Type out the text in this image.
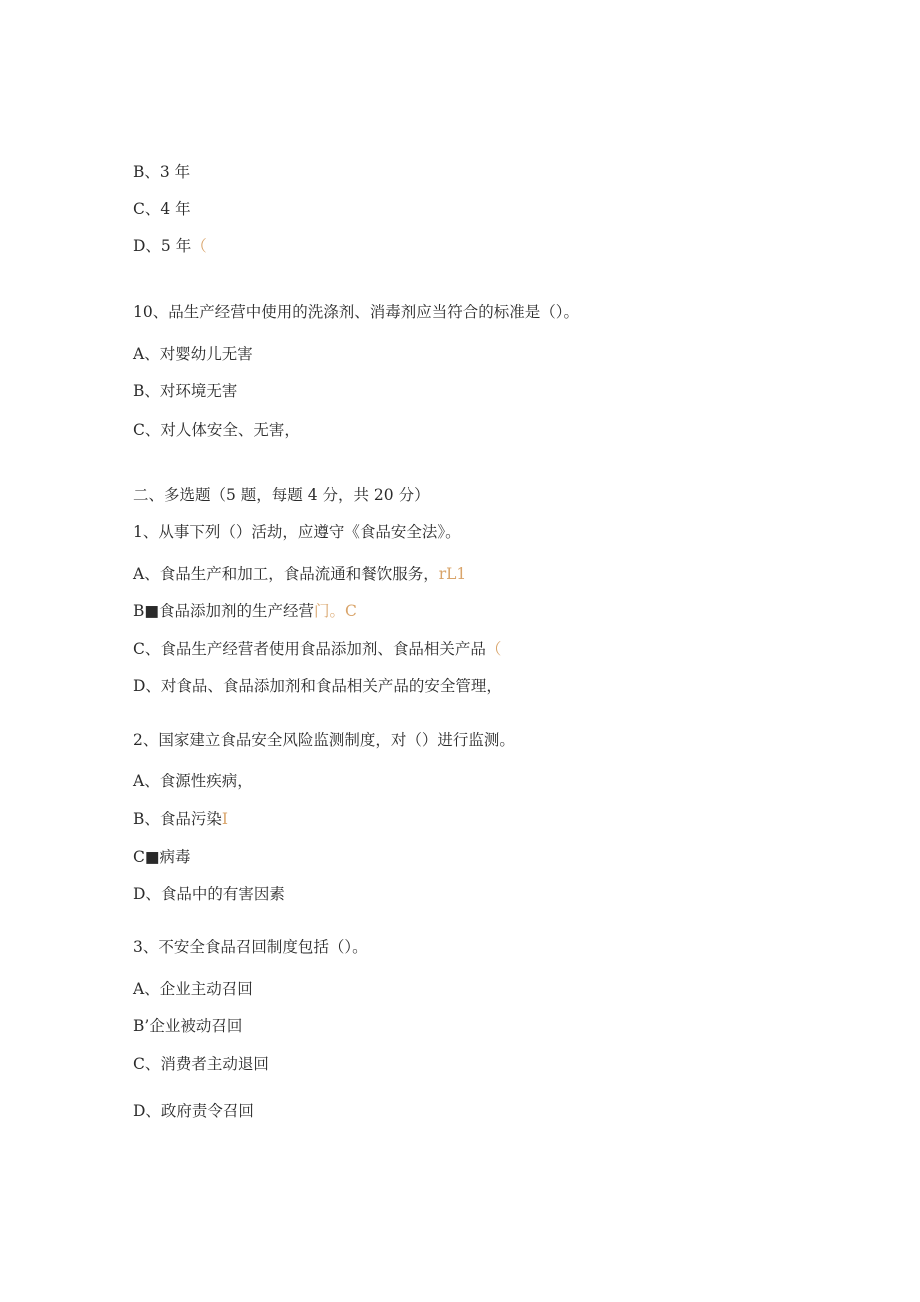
B、3 年
C、4 年
D、5 年（
10、品生产经营中使用的洗涤剂、消毒剂应当符合的标准是（）。
A、对婴幼儿无害
B、对环境无害
C、对人体安全、无害，
二、多选题（5 题，每题 4 分，共 20 分）
1、从事下列（）活劫，应遵守《食品安全法》。
A、食品生产和加工，食品流通和餐饮服务，rL1
B■食品添加剂的生产经营门。C
C、食品生产经营者使用食品添加剂、食品相关产品（
D、对食品、食品添加剂和食品相关产品的安全管理，
2、国家建立食品安全风险监测制度，对（）进行监测。
A、食源性疾病，
B、食品污染I
C■病毒
D、食品中的有害因素
3、不安全食品召回制度包括（）。
A、企业主动召回
B’企业被动召回
C、消费者主动退回
D、政府责令召回
